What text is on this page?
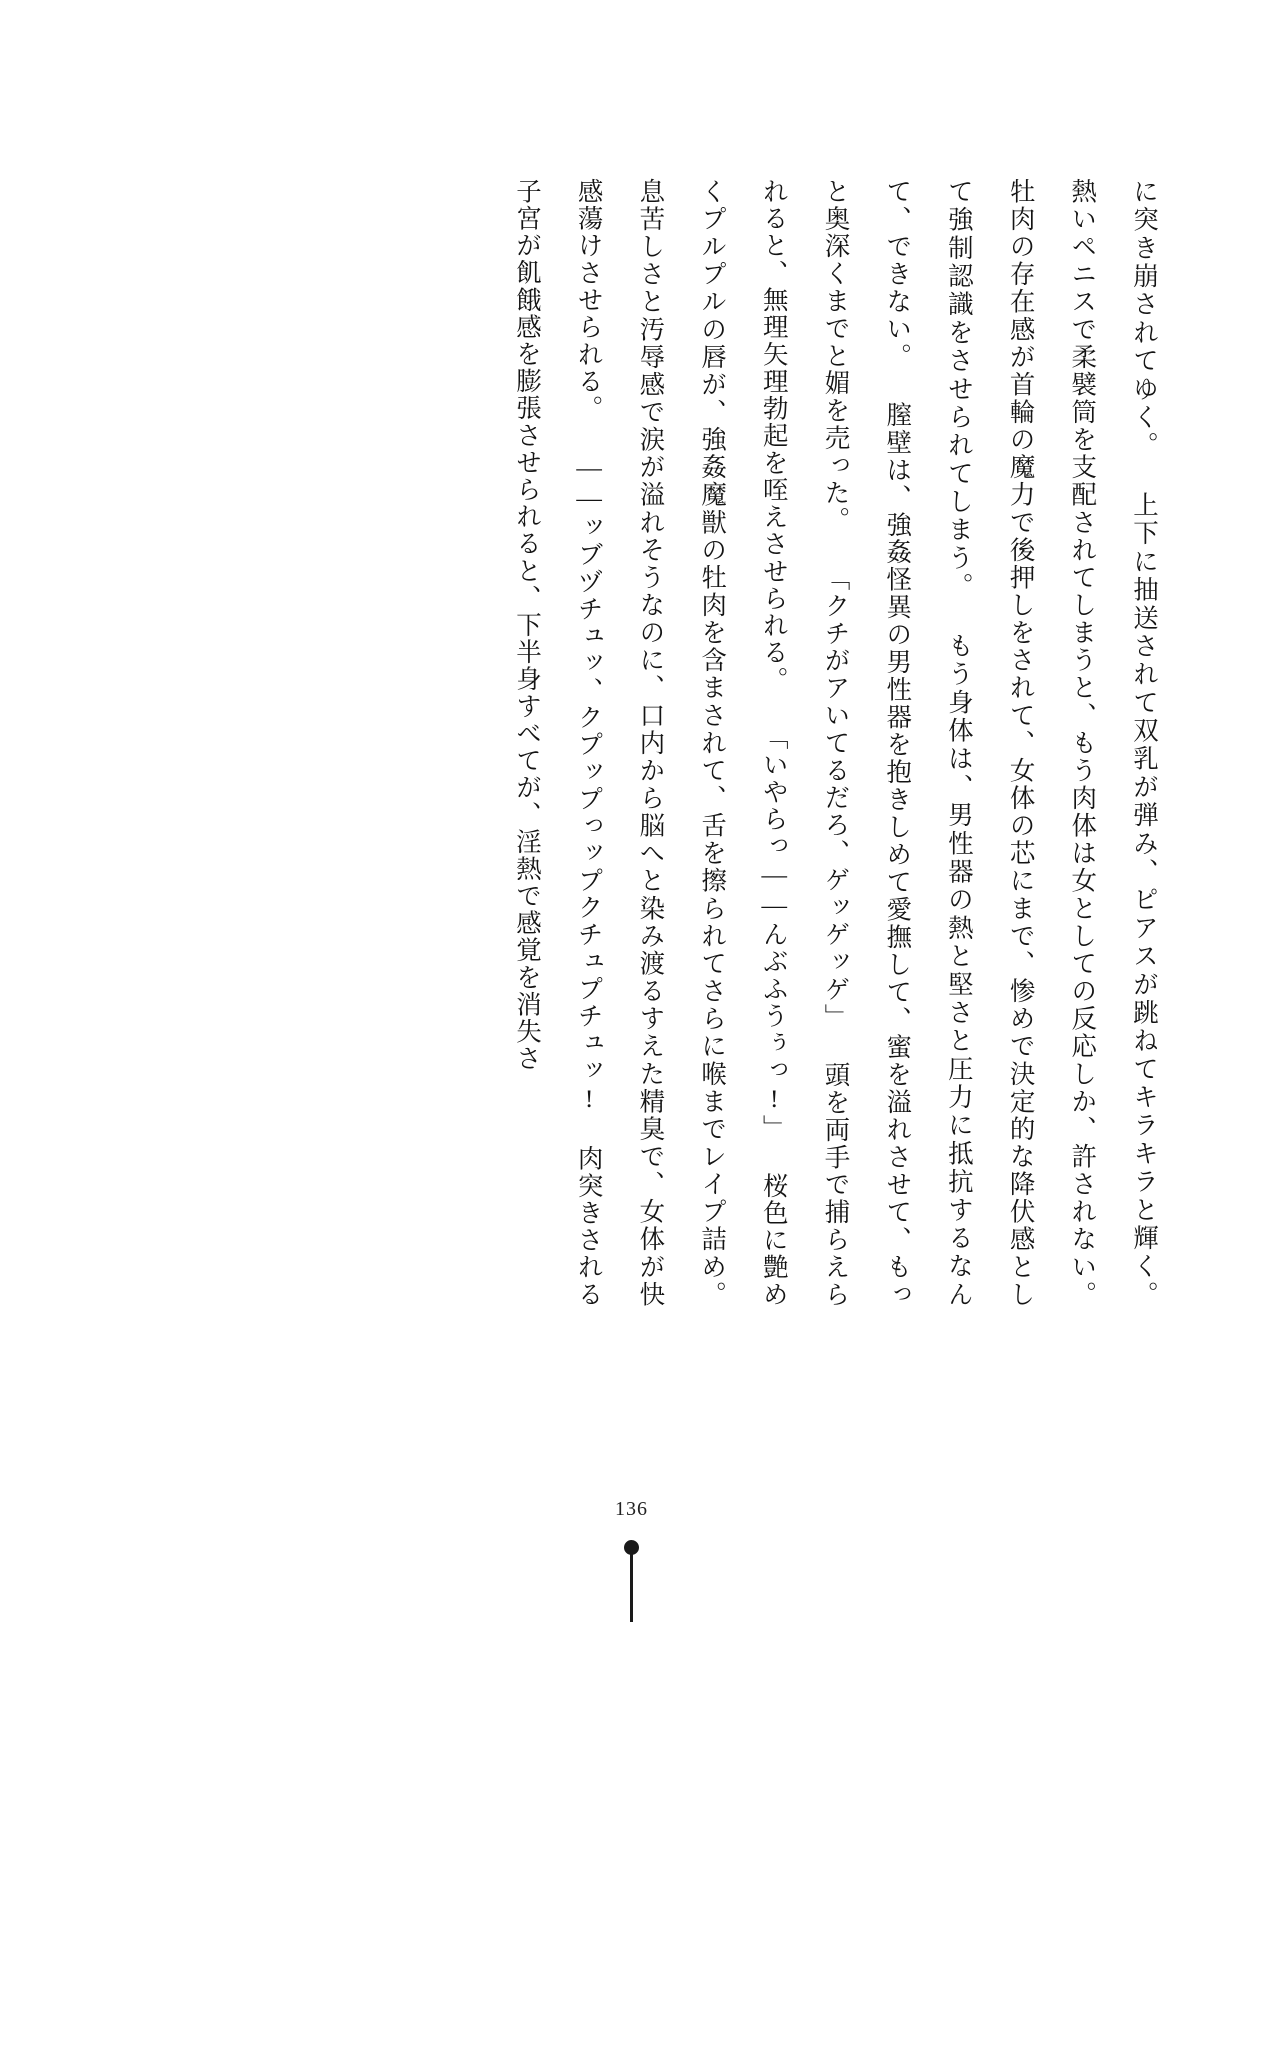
に突き崩されてゆく。 上下に抽送されて双乳が弾み、ピアスが跳ねてキラキラと輝く。 熱いペニスで柔襞筒を支配されてしまうと、もう肉体は女としての反応しか、許されない。 牡肉の存在感が首輪の魔力で後押しをされて、女体の芯にまで、惨めで決定的な降伏感として強制認識をさせられてしまう。 もう身体は、男性器の熱と堅さと圧力に抵抗するなんて、できない。 膣壁は、強姦怪異の男性器を抱きしめて愛撫して、蜜を溢れさせて、もっと奥深くまでと媚を売った。 「クチがアいてるだろ、ゲッゲッゲ」 頭を両手で捕らえられると、無理矢理勃起を咥えさせられる。 「いやらっ——んぶふうぅっ!」 桜色に艶めくプルプルの唇が、強姦魔獣の牡肉を含まされて、舌を擦られてさらに喉までレイプ詰め。 息苦しさと汚辱感で涙が溢れそうなのに、口内から脳へと染み渡るすえた精臭で、女体が快感蕩けさせられる。 ——ッブヅチュッ、クプップっップクチュプチュッ! 肉突きされる子宮が飢餓感を膨張させられると、下半身すべてが、淫熱で感覚を消失さ
136
